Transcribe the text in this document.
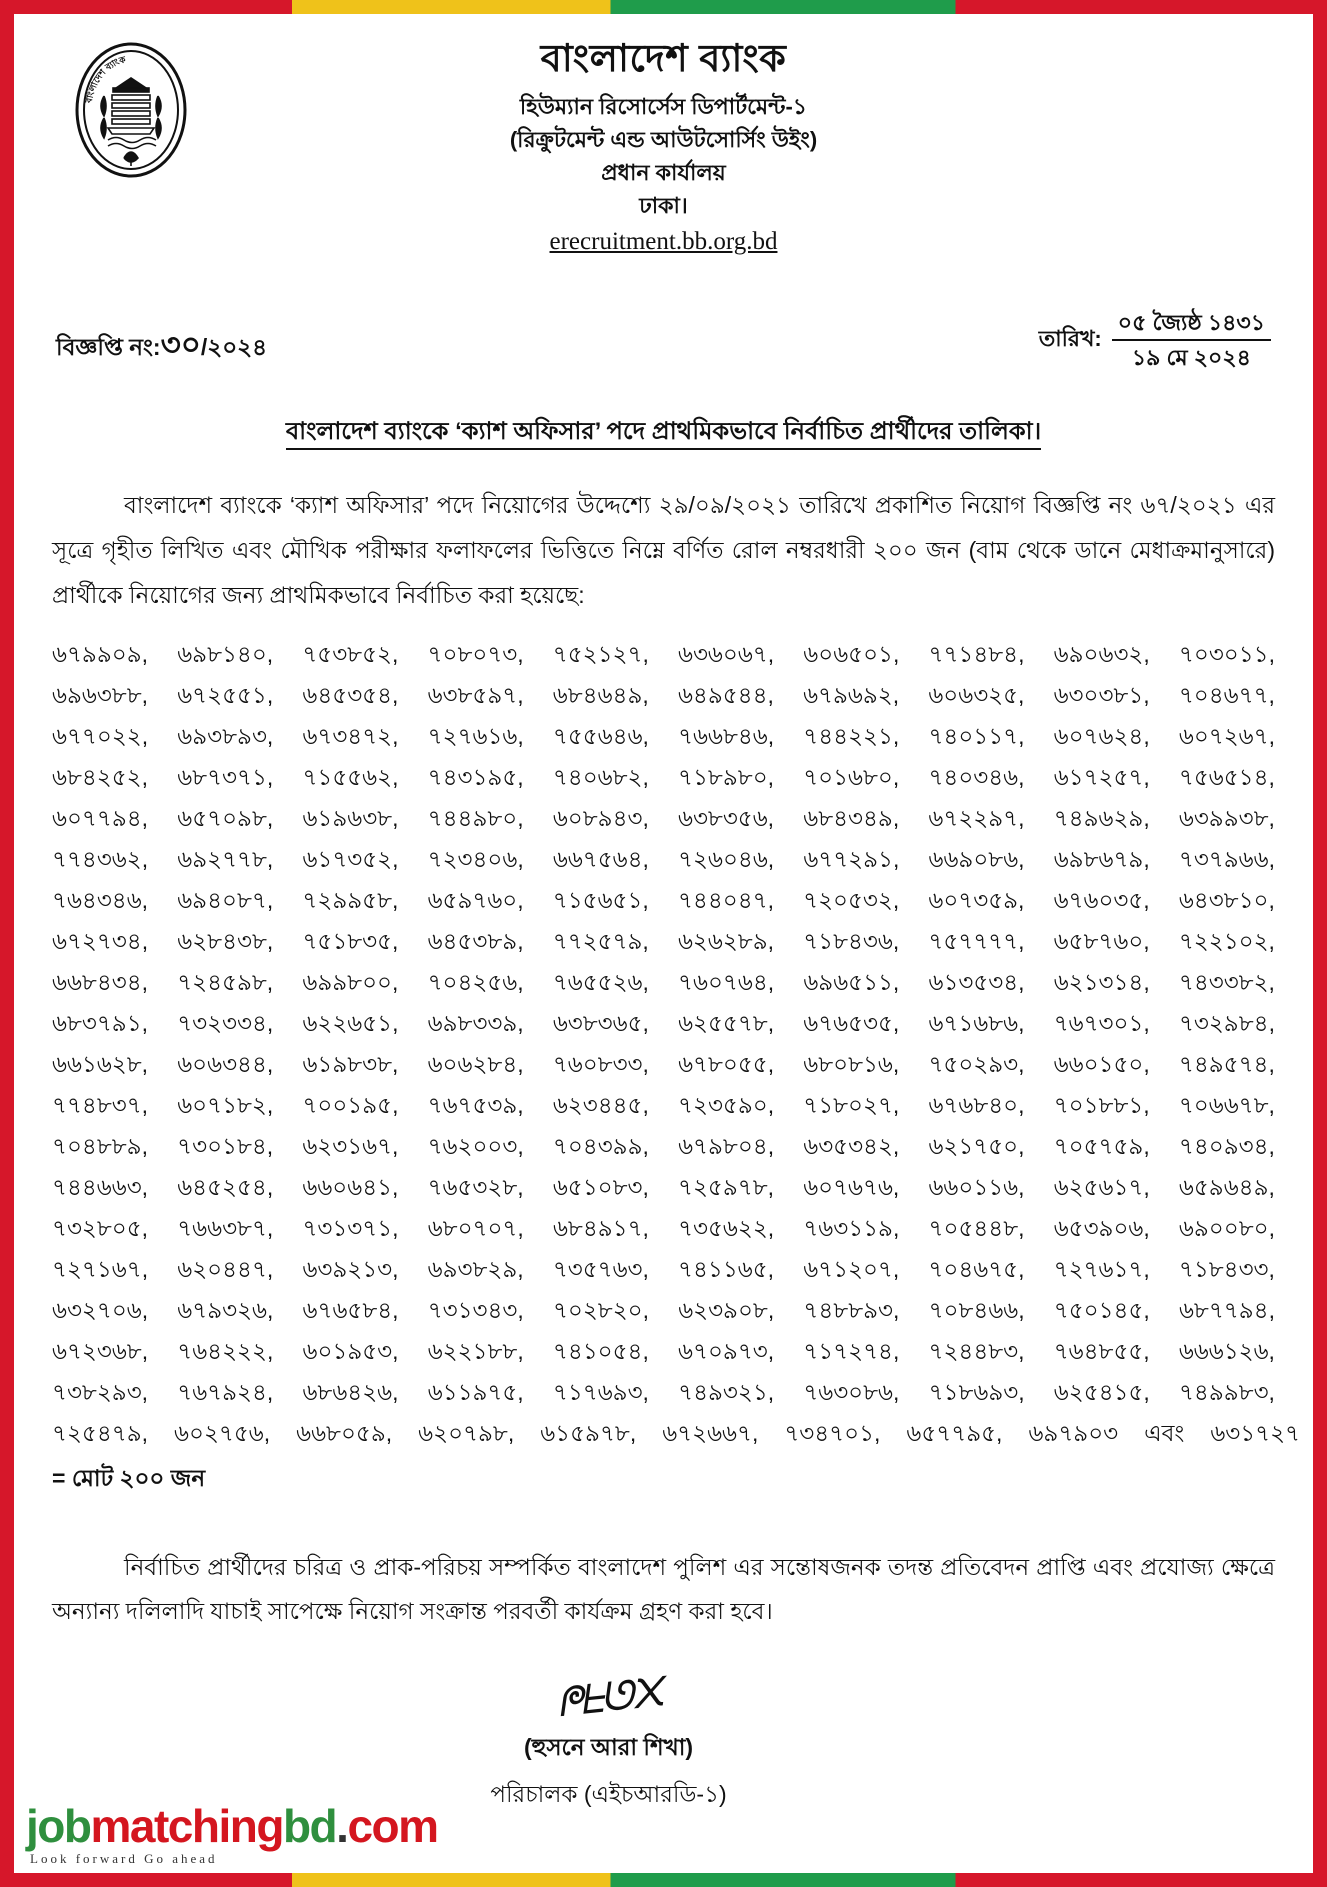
বাংলাদেশ ব্যাংক	বাংলাদেশ ব্যাংক
হিউম্যান রিসোর্সেস ডিপার্টমেন্ট-১
(রিক্রুটমেন্ট এন্ড আউটসোর্সিং উইং)
প্রধান কার্যালয়
ঢাকা।
erecruitment.bb.org.bd
বিজ্ঞপ্তি নং:৩০/২০২৪	তারিখ:
০৫ জ্যৈষ্ঠ ১৪৩১
১৯ মে ২০২৪
বাংলাদেশ ব্যাংকে ‘ক্যাশ অফিসার’ পদে প্রাথমিকভাবে নির্বাচিত প্রার্থীদের তালিকা।
বাংলাদেশ ব্যাংকে ‘ক্যাশ অফিসার’ পদে নিয়োগের উদ্দেশ্যে ২৯/০৯/২০২১ তারিখে প্রকাশিত নিয়োগ বিজ্ঞপ্তি নং ৬৭/২০২১ এর সূত্রে গৃহীত লিখিত এবং মৌখিক পরীক্ষার ফলাফলের ভিত্তিতে নিম্নে বর্ণিত রোল নম্বরধারী ২০০ জন (বাম থেকে ডানে মেধাক্রমানুসারে) প্রার্থীকে নিয়োগের জন্য প্রাথমিকভাবে নির্বাচিত করা হয়েছে:
৬৭৯৯০৯, ৬৯৮১৪০, ৭৫৩৮৫২, ৭০৮০৭৩, ৭৫২১২৭, ৬৩৬০৬৭, ৬০৬৫০১, ৭৭১৪৮৪, ৬৯০৬৩২, ৭০৩০১১,
৬৯৬৩৮৮, ৬৭২৫৫১, ৬৪৫৩৫৪, ৬৩৮৫৯৭, ৬৮৪৬৪৯, ৬৪৯৫৪৪, ৬৭৯৬৯২, ৬০৬৩২৫, ৬৩০৩৮১, ৭০৪৬৭৭,
৬৭৭০২২, ৬৯৩৮৯৩, ৬৭৩৪৭২, ৭২৭৬১৬, ৭৫৫৬৪৬, ৭৬৬৮৪৬, ৭৪৪২২১, ৭৪০১১৭, ৬০৭৬২৪, ৬০৭২৬৭,
৬৮৪২৫২, ৬৮৭৩৭১, ৭১৫৫৬২, ৭৪৩১৯৫, ৭৪০৬৮২, ৭১৮৯৮০, ৭০১৬৮০, ৭৪০৩৪৬, ৬১৭২৫৭, ৭৫৬৫১৪,
৬০৭৭৯৪, ৬৫৭০৯৮, ৬১৯৬৩৮, ৭৪৪৯৮০, ৬০৮৯৪৩, ৬৩৮৩৫৬, ৬৮৪৩৪৯, ৬৭২২৯৭, ৭৪৯৬২৯, ৬৩৯৯৩৮,
৭৭৪৩৬২, ৬৯২৭৭৮, ৬১৭৩৫২, ৭২৩৪০৬, ৬৬৭৫৬৪, ৭২৬০৪৬, ৬৭৭২৯১, ৬৬৯০৮৬, ৬৯৮৬৭৯, ৭৩৭৯৬৬,
৭৬৪৩৪৬, ৬৯৪০৮৭, ৭২৯৯৫৮, ৬৫৯৭৬০, ৭১৫৬৫১, ৭৪৪০৪৭, ৭২০৫৩২, ৬০৭৩৫৯, ৬৭৬০৩৫, ৬৪৩৮১০,
৬৭২৭৩৪, ৬২৮৪৩৮, ৭৫১৮৩৫, ৬৪৫৩৮৯, ৭৭২৫৭৯, ৬২৬২৮৯, ৭১৮৪৩৬, ৭৫৭৭৭৭, ৬৫৮৭৬০, ৭২২১০২,
৬৬৮৪৩৪, ৭২৪৫৯৮, ৬৯৯৮০০, ৭০৪২৫৬, ৭৬৫৫২৬, ৭৬০৭৬৪, ৬৯৬৫১১, ৬১৩৫৩৪, ৬২১৩১৪, ৭৪৩৩৮২,
৬৮৩৭৯১, ৭৩২৩৩৪, ৬২২৬৫১, ৬৯৮৩৩৯, ৬৩৮৩৬৫, ৬২৫৫৭৮, ৬৭৬৫৩৫, ৬৭১৬৮৬, ৭৬৭৩০১, ৭৩২৯৮৪,
৬৬১৬২৮, ৬০৬৩৪৪, ৬১৯৮৩৮, ৬০৬২৮৪, ৭৬০৮৩৩, ৬৭৮০৫৫, ৬৮০৮১৬, ৭৫০২৯৩, ৬৬০১৫০, ৭৪৯৫৭৪,
৭৭৪৮৩৭, ৬০৭১৮২, ৭০০১৯৫, ৭৬৭৫৩৯, ৬২৩৪৪৫, ৭২৩৫৯০, ৭১৮০২৭, ৬৭৬৮৪০, ৭০১৮৮১, ৭০৬৬৭৮,
৭০৪৮৮৯, ৭৩০১৮৪, ৬২৩১৬৭, ৭৬২০০৩, ৭০৪৩৯৯, ৬৭৯৮০৪, ৬৩৫৩৪২, ৬২১৭৫০, ৭০৫৭৫৯, ৭৪০৯৩৪,
৭৪৪৬৬৩, ৬৪৫২৫৪, ৬৬০৬৪১, ৭৬৫৩২৮, ৬৫১০৮৩, ৭২৫৯৭৮, ৬০৭৬৭৬, ৬৬০১১৬, ৬২৫৬১৭, ৬৫৯৬৪৯,
৭৩২৮০৫, ৭৬৬৩৮৭, ৭৩১৩৭১, ৬৮০৭০৭, ৬৮৪৯১৭, ৭৩৫৬২২, ৭৬৩১১৯, ৭০৫৪৪৮, ৬৫৩৯০৬, ৬৯০০৮০,
৭২৭১৬৭, ৬২০৪৪৭, ৬৩৯২১৩, ৬৯৩৮২৯, ৭৩৫৭৬৩, ৭৪১১৬৫, ৬৭১২০৭, ৭০৪৬৭৫, ৭২৭৬১৭, ৭১৮৪৩৩,
৬৩২৭০৬, ৬৭৯৩২৬, ৬৭৬৫৮৪, ৭৩১৩৪৩, ৭০২৮২০, ৬২৩৯০৮, ৭৪৮৮৯৩, ৭০৮৪৬৬, ৭৫০১৪৫, ৬৮৭৭৯৪,
৬৭২৩৬৮, ৭৬৪২২২, ৬০১৯৫৩, ৬২২১৮৮, ৭৪১০৫৪, ৬৭০৯৭৩, ৭১৭২৭৪, ৭২৪৪৮৩, ৭৬৪৮৫৫, ৬৬৬১২৬,
৭৩৮২৯৩, ৭৬৭৯২৪, ৬৮৬৪২৬, ৬১১৯৭৫, ৭১৭৬৯৩, ৭৪৯৩২১, ৭৬৩০৮৬, ৭১৮৬৯৩, ৬২৫৪১৫, ৭৪৯৯৮৩,
৭২৫৪৭৯, ৬০২৭৫৬, ৬৬৮০৫৯, ৬২০৭৯৮, ৬১৫৯৭৮, ৬৭২৬৬৭, ৭৩৪৭০১, ৬৫৭৭৯৫, ৬৯৭৯০৩ এবং ৬৩১৭২৭
= মোট ২০০ জন
নির্বাচিত প্রার্থীদের চরিত্র ও প্রাক-পরিচয় সম্পর্কিত বাংলাদেশ পুলিশ এর সন্তোষজনক তদন্ত প্রতিবেদন প্রাপ্তি এবং প্রযোজ্য ক্ষেত্রে অন্যান্য দলিলাদি যাচাই সাপেক্ষে নিয়োগ সংক্রান্ত পরবর্তী কার্যক্রম গ্রহণ করা হবে।
ᖘᖶᘎ᙭
(হুসনে আরা শিখা)
পরিচালক (এইচআরডি-১)
jobmatchingbd.com
Look forward Go ahead
